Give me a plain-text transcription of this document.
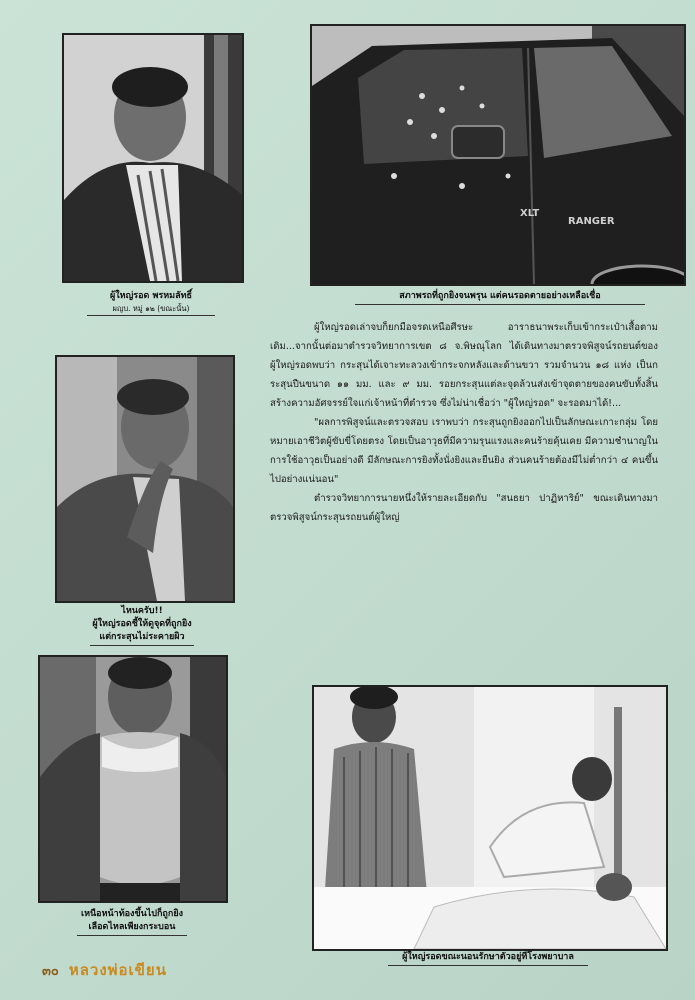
ผู้ใหญ่รอด พรหมลัทธิ์
ผญบ. หมู่ ๑๒ (ขณะนั้น)
XLT
RANGER
สภาพรถที่ถูกยิงจนพรุน แต่คนรอดตายอย่างเหลือเชื่อ
ไหนครับ!!
ผู้ใหญ่รอดชี้ให้ดูจุดที่ถูกยิง
แต่กระสุนไม่ระคายผิว

ผู้ใหญ่รอดเล่าจบก็ยกมือจรดเหนือศีรษะ อาราธนาพระเก็บเข้ากระเป๋าเสื้อตามเดิม...จากนั้นต่อมาตำรวจวิทยาการเขต ๘ จ.พิษณุโลก ได้เดินทางมาตรวจพิสูจน์รถยนต์ของผู้ใหญ่รอดพบว่า กระสุนได้เจาะทะลวงเข้ากระจกหลังและด้านขวา รวมจำนวน ๑๘ แห่ง เป็นกระสุนปืนขนาด ๑๑ มม. และ ๙ มม. รอยกระสุนแต่ละจุดล้วนส่งเข้าจุดตายของคนขับทั้งสิ้น สร้างความอัศจรรย์ใจแก่เจ้าหน้าที่ตำรวจ ซึ่งไม่น่าเชื่อว่า "ผู้ใหญ่รอด" จะรอดมาได้!...

"ผลการพิสูจน์และตรวจสอบ เราพบว่า กระสุนถูกยิงออกไปเป็นลักษณะเกาะกลุ่ม โดยหมายเอาชีวิตผู้ขับขี่โดยตรง โดยเป็นอาวุธที่มีความรุนแรงและคนร้ายคุ้นเคย มีความชำนาญในการใช้อาวุธเป็นอย่างดี มีลักษณะการยิงทั้งนั่งยิงและยืนยิง ส่วนคนร้ายต้องมีไม่ต่ำกว่า ๔ คนขึ้นไปอย่างแน่นอน"

ตำรวจวิทยาการนายหนึ่งให้รายละเอียดกับ "สนธยา ปาฏิหาริย์" ขณะเดินทางมาตรวจพิสูจน์กระสุนรถยนต์ผู้ใหญ่

เหนือหน้าท้องขึ้นไปก็ถูกยิง
เลือดไหลเพียงกระบอน
ผู้ใหญ่รอดขณะนอนรักษาตัวอยู่ที่โรงพยาบาล
๓๐ หลวงพ่อเขียน
